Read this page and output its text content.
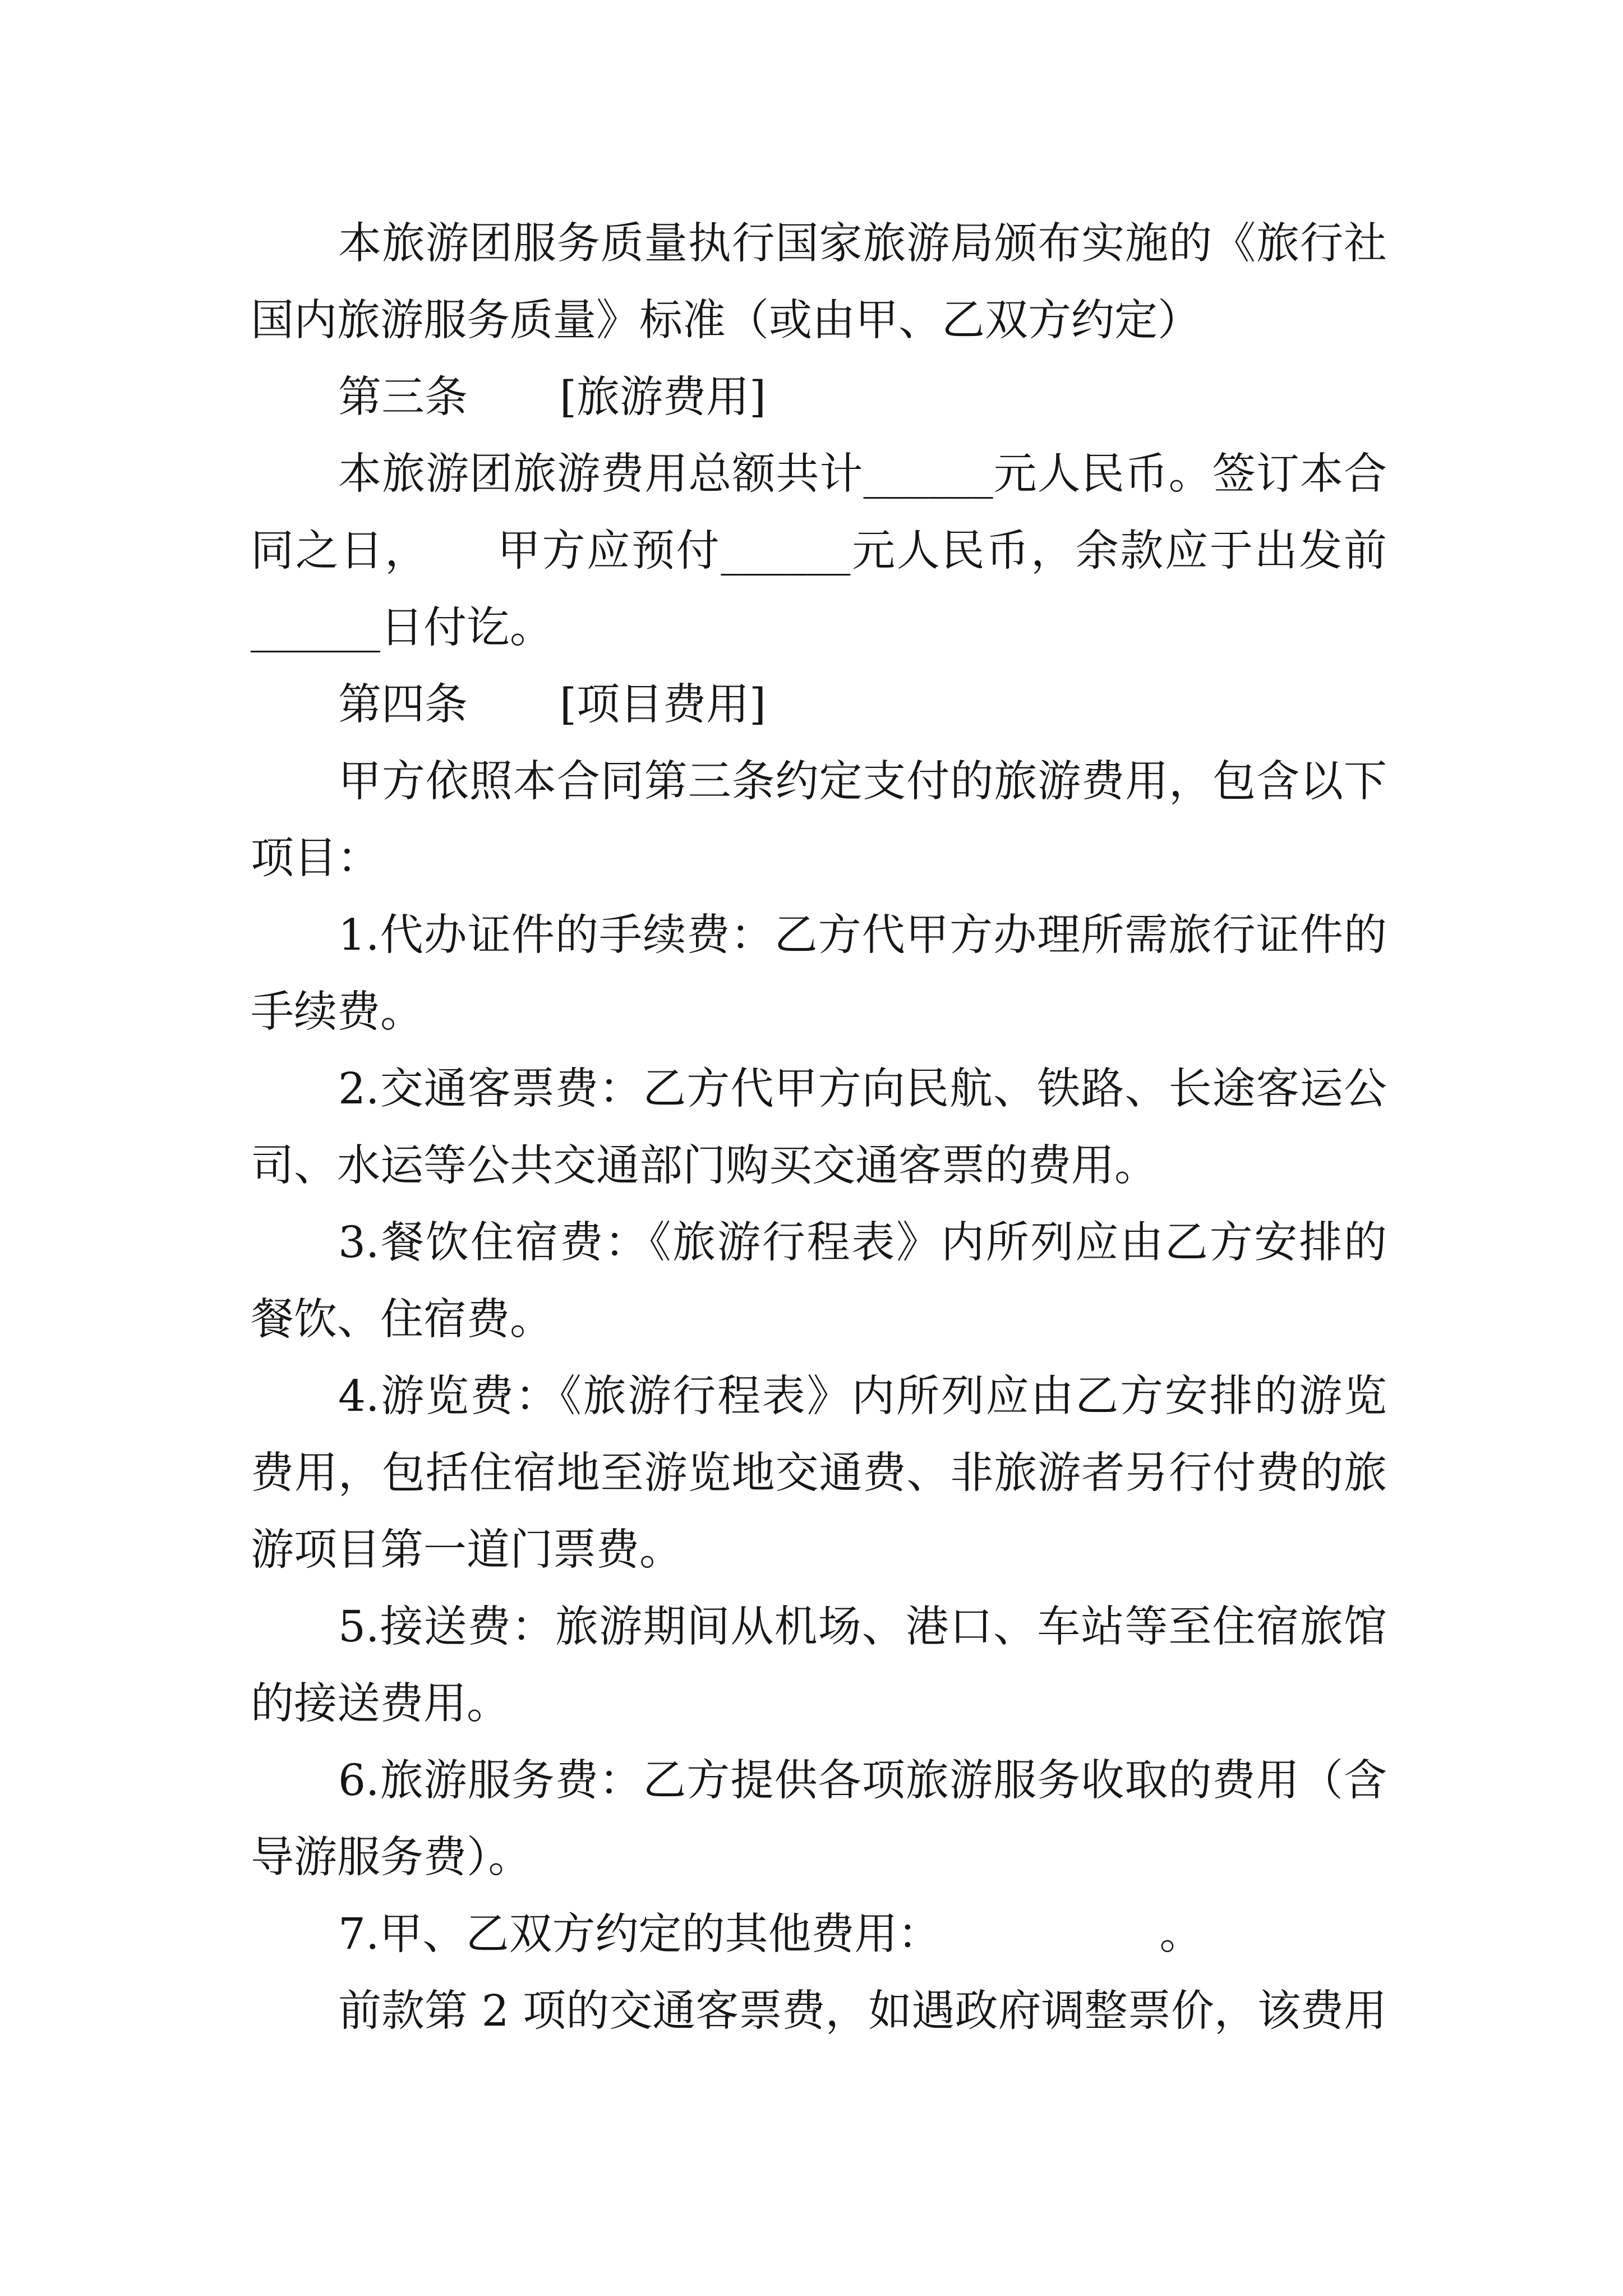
本旅游团服务质量执行国家旅游局颁布实施的《旅行社
国内旅游服务质量》标准（或由甲、乙双方约定）
第三条 [旅游费用]
本旅游团旅游费用总额共计______元人民币。签订本合
同之日，　　甲方应预付______元人民币，余款应于出发前
______日付讫。
第四条 [项目费用]
甲方依照本合同第三条约定支付的旅游费用，包含以下
项目：
1.代办证件的手续费：乙方代甲方办理所需旅行证件的
手续费。
2.交通客票费：乙方代甲方向民航、铁路、长途客运公
司、水运等公共交通部门购买交通客票的费用。
3.餐饮住宿费：《旅游行程表》内所列应由乙方安排的
餐饮、住宿费。
4.游览费：《旅游行程表》内所列应由乙方安排的游览
费用，包括住宿地至游览地交通费、非旅游者另行付费的旅
游项目第一道门票费。
5.接送费：旅游期间从机场、港口、车站等至住宿旅馆
的接送费用。
6.旅游服务费：乙方提供各项旅游服务收取的费用（含
导游服务费）。
7.甲、乙双方约定的其他费用：	。
前款第 2 项的交通客票费，如遇政府调整票价，该费用
